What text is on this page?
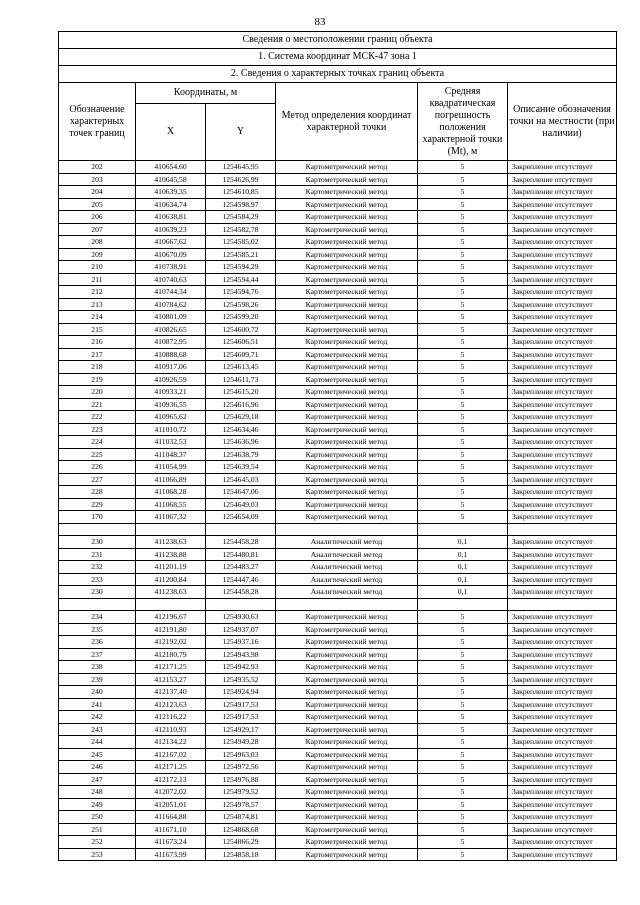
83
Сведения о местоположении границ объекта					
1. Система координат МСК-47 зона 1					
2. Сведения о характерных точках границ объекта					
Обозначение характерных точек границ	Координаты, м		Метод определения координат характерной точки	Средняя квадратическая погрешность положения характерной точки (Mt), м	Описание обозначения точки на местности (при наличии)
	X	Y			
202	410654,60	1254645,95	Картометрический метод	5	Закрепление отсутствует
203	410645,58	1254626,99	Картометрический метод	5	Закрепление отсутствует
204	410639,35	1254610,85	Картометрический метод	5	Закрепление отсутствует
205	410634,74	1254598,97	Картометрический метод	5	Закрепление отсутствует
206	410638,81	1254584,29	Картометрический метод	5	Закрепление отсутствует
207	410639,23	1254582,78	Картометрический метод	5	Закрепление отсутствует
208	410667,62	1254585,02	Картометрический метод	5	Закрепление отсутствует
209	410670,09	1254585,21	Картометрический метод	5	Закрепление отсутствует
210	410738,91	1254594,29	Картометрический метод	5	Закрепление отсутствует
211	410740,63	1254594,44	Картометрический метод	5	Закрепление отсутствует
212	410744,34	1254594,76	Картометрический метод	5	Закрепление отсутствует
213	410784,62	1254598,26	Картометрический метод	5	Закрепление отсутствует
214	410801,09	1254599,20	Картометрический метод	5	Закрепление отсутствует
215	410826,65	1254600,72	Картометрический метод	5	Закрепление отсутствует
216	410872,95	1254606,51	Картометрический метод	5	Закрепление отсутствует
217	410888,68	1254609,71	Картометрический метод	5	Закрепление отсутствует
218	410917,06	1254613,45	Картометрический метод	5	Закрепление отсутствует
219	410926,59	1254611,73	Картометрический метод	5	Закрепление отсутствует
220	410933,21	1254615,20	Картометрический метод	5	Закрепление отсутствует
221	410936,55	1254616,96	Картометрический метод	5	Закрепление отсутствует
222	410965,62	1254629,18	Картометрический метод	5	Закрепление отсутствует
223	411010,72	1254634,46	Картометрический метод	5	Закрепление отсутствует
224	411032,53	1254636,96	Картометрический метод	5	Закрепление отсутствует
225	411048,37	1254638,79	Картометрический метод	5	Закрепление отсутствует
226	411054,99	1254639,54	Картометрический метод	5	Закрепление отсутствует
227	411066,89	1254645,03	Картометрический метод	5	Закрепление отсутствует
228	411068,28	1254647,06	Картометрический метод	5	Закрепление отсутствует
229	411068,55	1254649,03	Картометрический метод	5	Закрепление отсутствует
170	411067,32	1254654,09	Картометрический метод	5	Закрепление отсутствует

230	411238,63	1254458,28	Аналитический метод	0,1	Закрепление отсутствует
231	411238,88	1254480,81	Аналитический метод	0,1	Закрепление отсутствует
232	411201,19	1254483,27	Аналитический метод	0,1	Закрепление отсутствует
233	411200,84	1254447,46	Аналитический метод	0,1	Закрепление отсутствует
230	411238,63	1254458,28	Аналитический метод	0,1	Закрепление отсутствует

234	412196,67	1254930,63	Картометрический метод	5	Закрепление отсутствует
235	412191,80	1254937,07	Картометрический метод	5	Закрепление отсутствует
236	412192,02	1254937,16	Картометрический метод	5	Закрепление отсутствует
237	412180,79	1254943,98	Картометрический метод	5	Закрепление отсутствует
238	412171,25	1254942,93	Картометрический метод	5	Закрепление отсутствует
239	412153,27	1254935,52	Картометрический метод	5	Закрепление отсутствует
240	412137,40	1254924,94	Картометрический метод	5	Закрепление отсутствует
241	412123,63	1254917,53	Картометрический метод	5	Закрепление отсутствует
242	412116,22	1254917,53	Картометрический метод	5	Закрепление отсутствует
243	412110,93	1254929,17	Картометрический метод	5	Закрепление отсутствует
244	412134,22	1254949,28	Картометрический метод	5	Закрепление отсутствует
245	412167,02	1254963,03	Картометрический метод	5	Закрепление отсутствует
246	412171,25	1254972,56	Картометрический метод	5	Закрепление отсутствует
247	412172,13	1254976,88	Картометрический метод	5	Закрепление отсутствует
248	412072,02	1254979,52	Картометрический метод	5	Закрепление отсутствует
249	412051,01	1254978,57	Картометрический метод	5	Закрепление отсутствует
250	411664,88	1254874,81	Картометрический метод	5	Закрепление отсутствует
251	411671,10	1254868,68	Картометрический метод	5	Закрепление отсутствует
252	411673,24	1254866,29	Картометрический метод	5	Закрепление отсутствует
253	411673,99	1254858,18	Картометрический метод	5	Закрепление отсутствует
